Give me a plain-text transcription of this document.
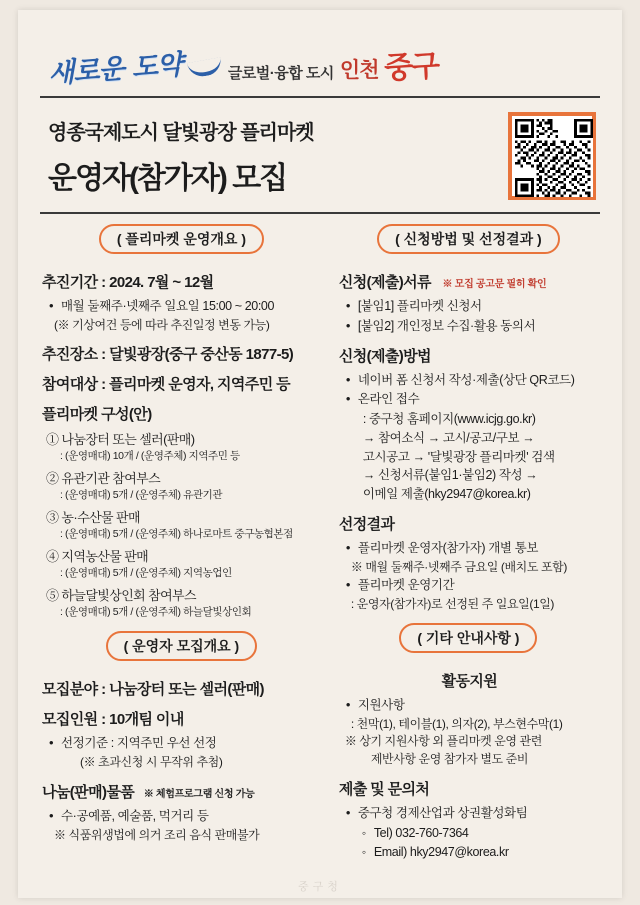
새로운 도약	글로벌·융합 도시 인천 중구
영종국제도시 달빛광장 플리마켓
운영자(참가자) 모집
( 플리마켓 운영개요 )
추진기간 : 2024. 7월 ~ 12월
• 매월 둘째주·넷째주 일요일 15:00 ~ 20:00
(※ 기상여건 등에 따라 추진일정 변동 가능)
추진장소 : 달빛광장(중구 중산동 1877-5)
참여대상 : 플리마켓 운영자, 지역주민 등
플리마켓 구성(안)
① 나눔장터 또는 셀러(판매)
: (운영매대) 10개 / (운영주체) 지역주민 등
② 유관기관 참여부스
: (운영매대) 5개 / (운영주체) 유관기관
③ 농·수산물 판매
: (운영매대) 5개 / (운영주체) 하나로마트 중구농협본점
④ 지역농산물 판매
: (운영매대) 5개 / (운영주체) 지역농업인
⑤ 하늘달빛상인회 참여부스
: (운영매대) 5개 / (운영주체) 하늘달빛상인회
( 운영자 모집개요 )
모집분야 : 나눔장터 또는 셀러(판매)
모집인원 : 10개팀 이내
• 선정기준 : 지역주민 우선 선정
(※ 초과신청 시 무작위 추첨)
나눔(판매)물품 ※ 체험프로그램 신청 가능
• 수·공예품, 예술품, 먹거리 등
※ 식품위생법에 의거 조리 음식 판매불가
( 신청방법 및 선정결과 )
신청(제출)서류 ※ 모집 공고문 필히 확인
• [붙임1] 플리마켓 신청서
• [붙임2] 개인정보 수집·활용 동의서
신청(제출)방법
• 네이버 폼 신청서 작성·제출(상단 QR코드)
• 온라인 접수
: 중구청 홈페이지(www.icjg.go.kr)
→ 참여소식 → 고시/공고/구보 →
고시공고 → '달빛광장 플리마켓' 검색
→ 신청서류(붙임1·붙임2) 작성 →
이메일 제출(hky2947@korea.kr)
선정결과
• 플리마켓 운영자(참가자) 개별 통보
※ 매월 둘째주·넷째주 금요일 (배치도 포함)
• 플리마켓 운영기간
: 운영자(참가자)로 선정된 주 일요일(1일)
( 기타 안내사항 )
활동지원
• 지원사항
: 천막(1), 테이블(1), 의자(2), 부스현수막(1)
※ 상기 지원사항 외 플리마켓 운영 관련
제반사항 운영 참가자 별도 준비
제출 및 문의처
• 중구청 경제산업과 상권활성화팀
◦ Tel) 032-760-7364
◦ Email) hky2947@korea.kr
중구청
